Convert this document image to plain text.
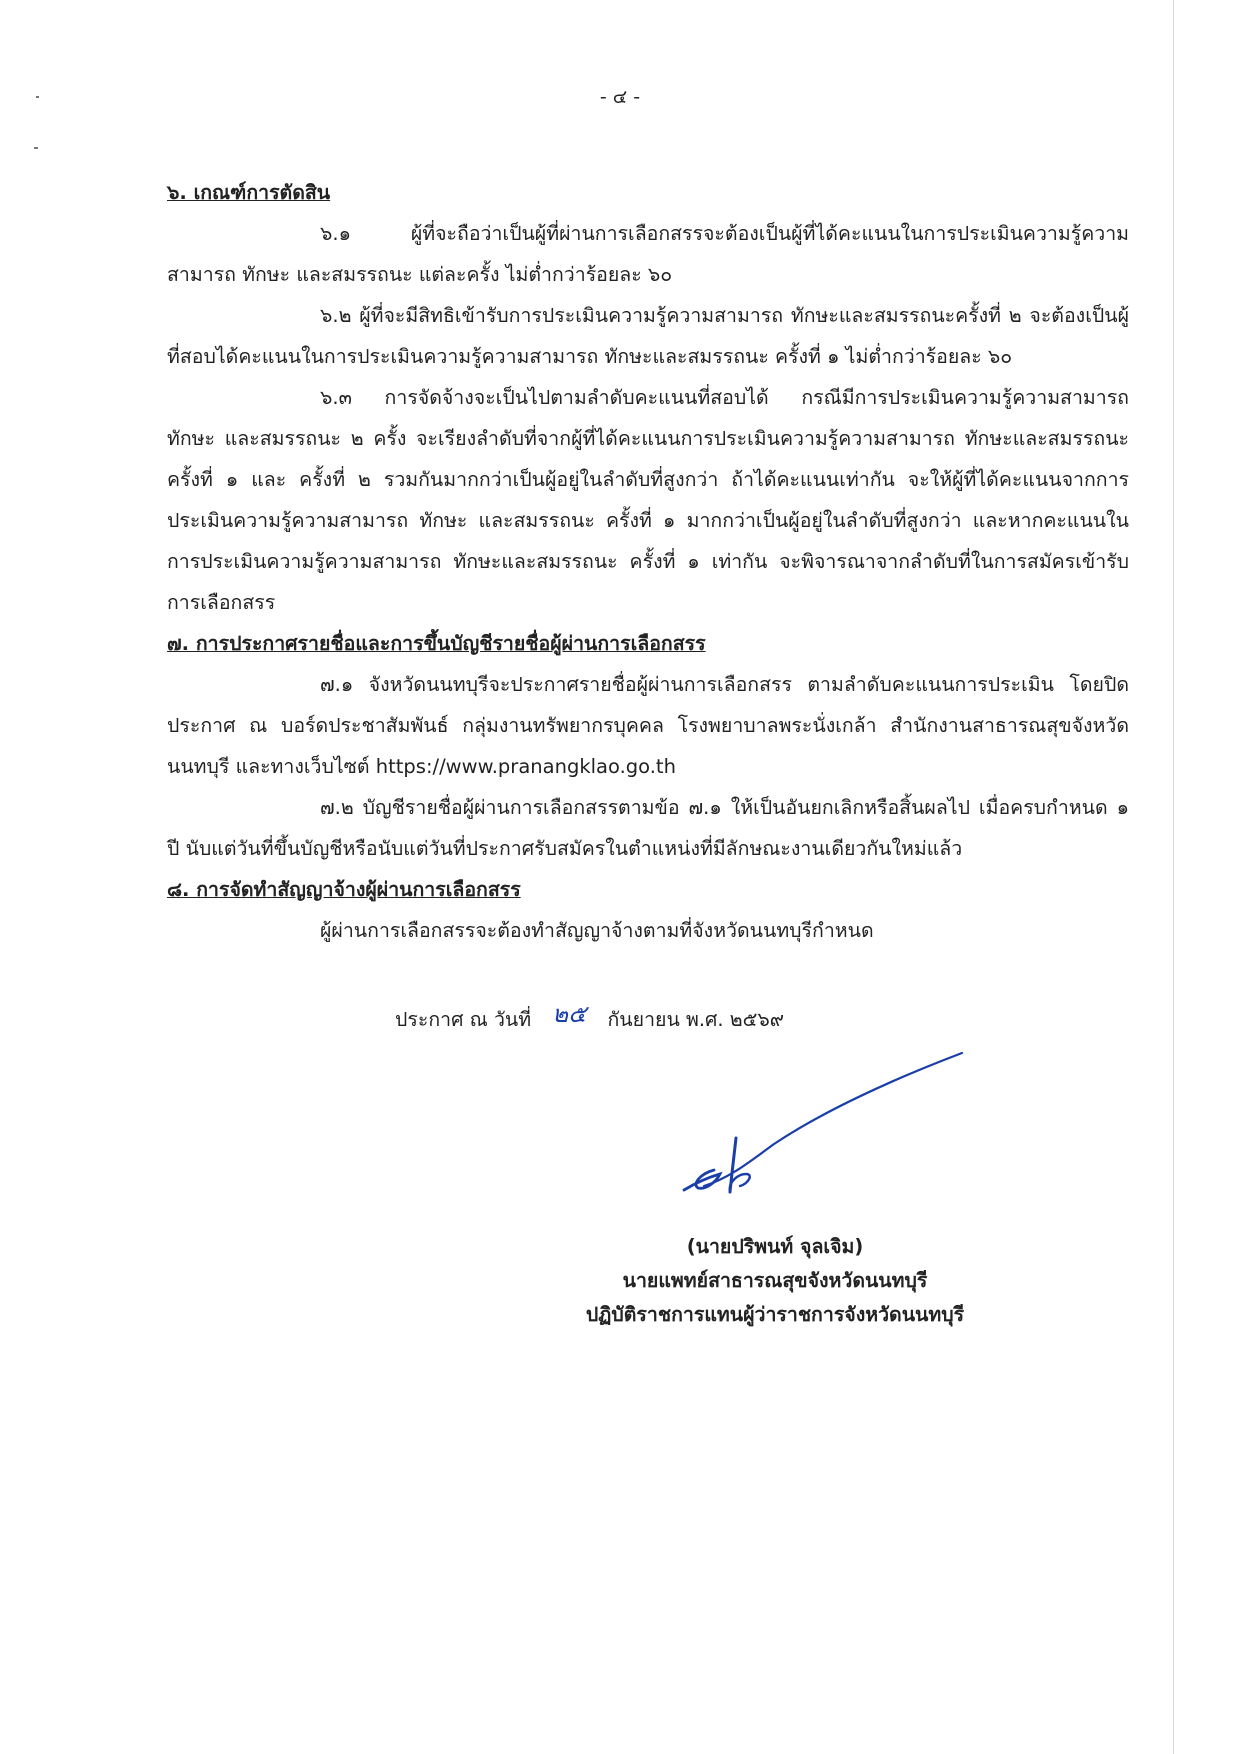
- ๔ -
๖. เกณฑ์การตัดสิน

๖.๑ ผู้ที่จะถือว่าเป็นผู้ที่ผ่านการเลือกสรรจะต้องเป็นผู้ที่ได้คะแนนในการประเมินความรู้ความสามารถ ทักษะ และสมรรถนะ แต่ละครั้ง ไม่ต่ำกว่าร้อยละ ๖๐

๖.๒ ผู้ที่จะมีสิทธิเข้ารับการประเมินความรู้ความสามารถ ทักษะและสมรรถนะครั้งที่ ๒ จะต้องเป็นผู้ที่สอบได้คะแนนในการประเมินความรู้ความสามารถ ทักษะและสมรรถนะ ครั้งที่ ๑ ไม่ต่ำกว่าร้อยละ ๖๐

๖.๓ การจัดจ้างจะเป็นไปตามลำดับคะแนนที่สอบได้ กรณีมีการประเมินความรู้ความสามารถ ทักษะ และสมรรถนะ ๒ ครั้ง จะเรียงลำดับที่จากผู้ที่ได้คะแนนการประเมินความรู้ความสามารถ ทักษะและสมรรถนะ ครั้งที่ ๑ และ ครั้งที่ ๒ รวมกันมากกว่าเป็นผู้อยู่ในลำดับที่สูงกว่า ถ้าได้คะแนนเท่ากัน จะให้ผู้ที่ได้คะแนนจากการประเมินความรู้ความสามารถ ทักษะ และสมรรถนะ ครั้งที่ ๑ มากกว่าเป็นผู้อยู่ในลำดับที่สูงกว่า และหากคะแนนในการประเมินความรู้ความสามารถ ทักษะและสมรรถนะ ครั้งที่ ๑ เท่ากัน จะพิจารณาจากลำดับที่ในการสมัครเข้ารับการเลือกสรร

๗. การประกาศรายชื่อและการขึ้นบัญชีรายชื่อผู้ผ่านการเลือกสรร

๗.๑ จังหวัดนนทบุรีจะประกาศรายชื่อผู้ผ่านการเลือกสรร ตามลำดับคะแนนการประเมิน โดยปิดประกาศ ณ บอร์ดประชาสัมพันธ์ กลุ่มงานทรัพยากรบุคคล โรงพยาบาลพระนั่งเกล้า สำนักงานสาธารณสุขจังหวัดนนทบุรี และทางเว็บไซต์ https://www.pranangklao.go.th

๗.๒ บัญชีรายชื่อผู้ผ่านการเลือกสรรตามข้อ ๗.๑ ให้เป็นอันยกเลิกหรือสิ้นผลไป เมื่อครบกำหนด ๑ ปี นับแต่วันที่ขึ้นบัญชีหรือนับแต่วันที่ประกาศรับสมัครในตำแหน่งที่มีลักษณะงานเดียวกันใหม่แล้ว

๘. การจัดทำสัญญาจ้างผู้ผ่านการเลือกสรร

ผู้ผ่านการเลือกสรรจะต้องทำสัญญาจ้างตามที่จังหวัดนนทบุรีกำหนด

ประกาศ ณ วันที่ ๒๕ กันยายน พ.ศ. ๒๕๖๙
(นายปริพนท์ จุลเจิม)
นายแพทย์สาธารณสุขจังหวัดนนทบุรี
ปฏิบัติราชการแทนผู้ว่าราชการจังหวัดนนทบุรี
